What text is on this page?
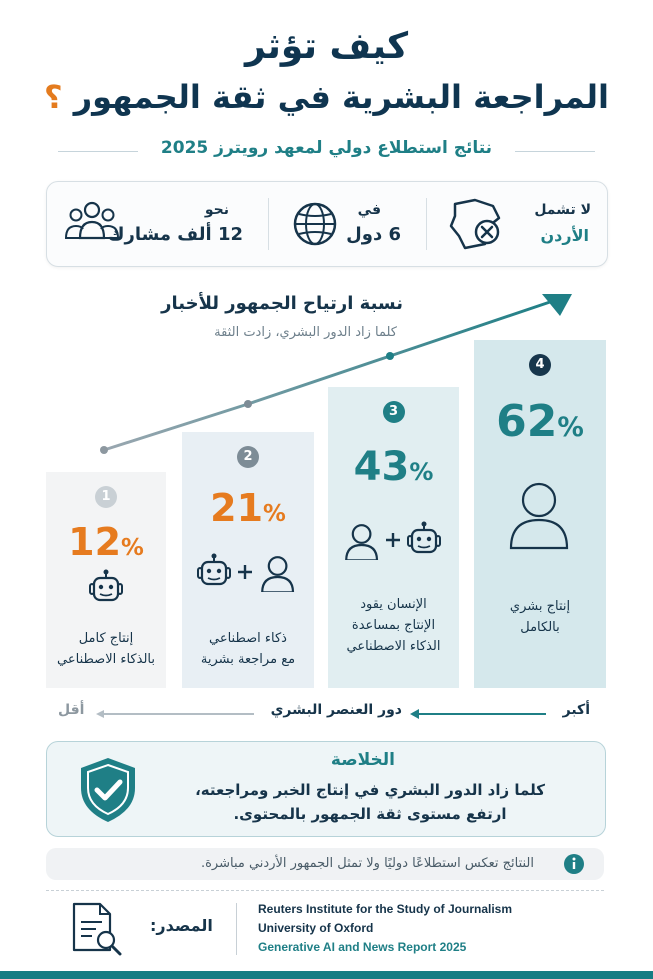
كيف تؤثر
المراجعة البشرية في ثقة الجمهور ؟
نتائج استطلاع دولي لمعهد رويترز 2025
لا تشمل
الأردن
في
6 دول
نحو
12 ألف مشارك
نسبة ارتياح الجمهور للأخبار
كلما زاد الدور البشري، زادت الثقة
1
12%
إنتاج كامل
بالذكاء الاصطناعي
2
21%
ذكاء اصطناعي
مع مراجعة بشرية
3
43%
الإنسان يقود
الإنتاج بمساعدة
الذكاء الاصطناعي
4
62%
إنتاج بشري
بالكامل
أكبر
دور العنصر البشري
أقل
الخلاصة
كلما زاد الدور البشري في إنتاج الخبر ومراجعته،
ارتفع مستوى ثقة الجمهور بالمحتوى.
النتائج تعكس استطلاعًا دوليًا ولا تمثل الجمهور الأردني مباشرة.
المصدر:
Reuters Institute for the Study of Journalism
University of Oxford
Generative AI and News Report 2025
